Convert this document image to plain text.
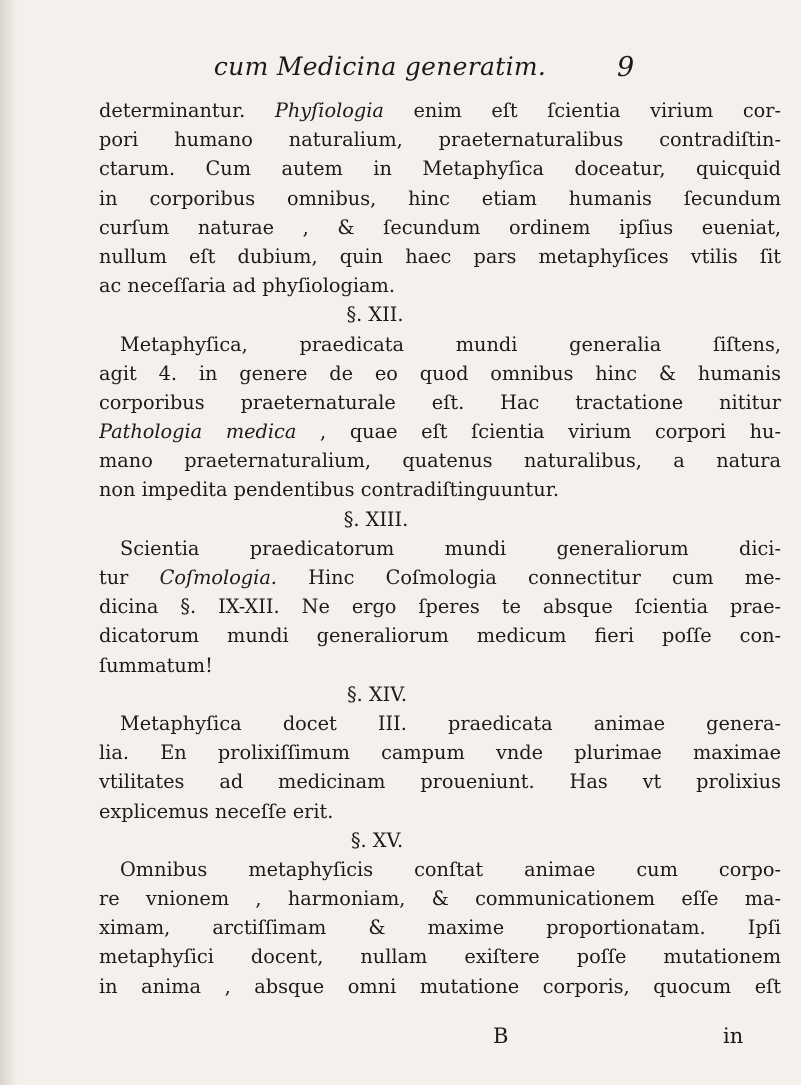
cum Medicina generatim.	9
determinantur. Phyſiologia enim eſt ſcientia virium cor-
pori humano naturalium, praeternaturalibus contradiſtin-
ctarum. Cum autem in Metaphyſica doceatur, quicquid
in corporibus omnibus, hinc etiam humanis ſecundum
curſum naturae , & ſecundum ordinem ipſius eueniat,
nullum eſt dubium, quin haec pars metaphyſices vtilis ſit
ac neceſſaria ad phyſiologiam.
§. XII.
Metaphyſica, praedicata mundi generalia ſiſtens,
agit 4. in genere de eo quod omnibus hinc & humanis
corporibus praeternaturale eſt. Hac tractatione nititur
Pathologia medica , quae eſt ſcientia virium corpori hu-
mano praeternaturalium, quatenus naturalibus, a natura
non impedita pendentibus contradiſtinguuntur.
§. XIII.
Scientia praedicatorum mundi generaliorum dici-
tur Coſmologia. Hinc Coſmologia connectitur cum me-
dicina §. IX-XII. Ne ergo ſperes te absque ſcientia prae-
dicatorum mundi generaliorum medicum fieri poſſe con-
ſummatum!
§. XIV.
Metaphyſica docet III. praedicata animae genera-
lia. En prolixiſſimum campum vnde plurimae maximae
vtilitates ad medicinam proueniunt. Has vt prolixius
explicemus neceſſe erit.
§. XV.
Omnibus metaphyſicis conſtat animae cum corpo-
re vnionem , harmoniam, & communicationem eſſe ma-
ximam, arctiſſimam & maxime proportionatam. Ipſi
metaphyſici docent, nullam exiſtere poſſe mutationem
in anima , absque omni mutatione corporis, quocum eſt
B	in
